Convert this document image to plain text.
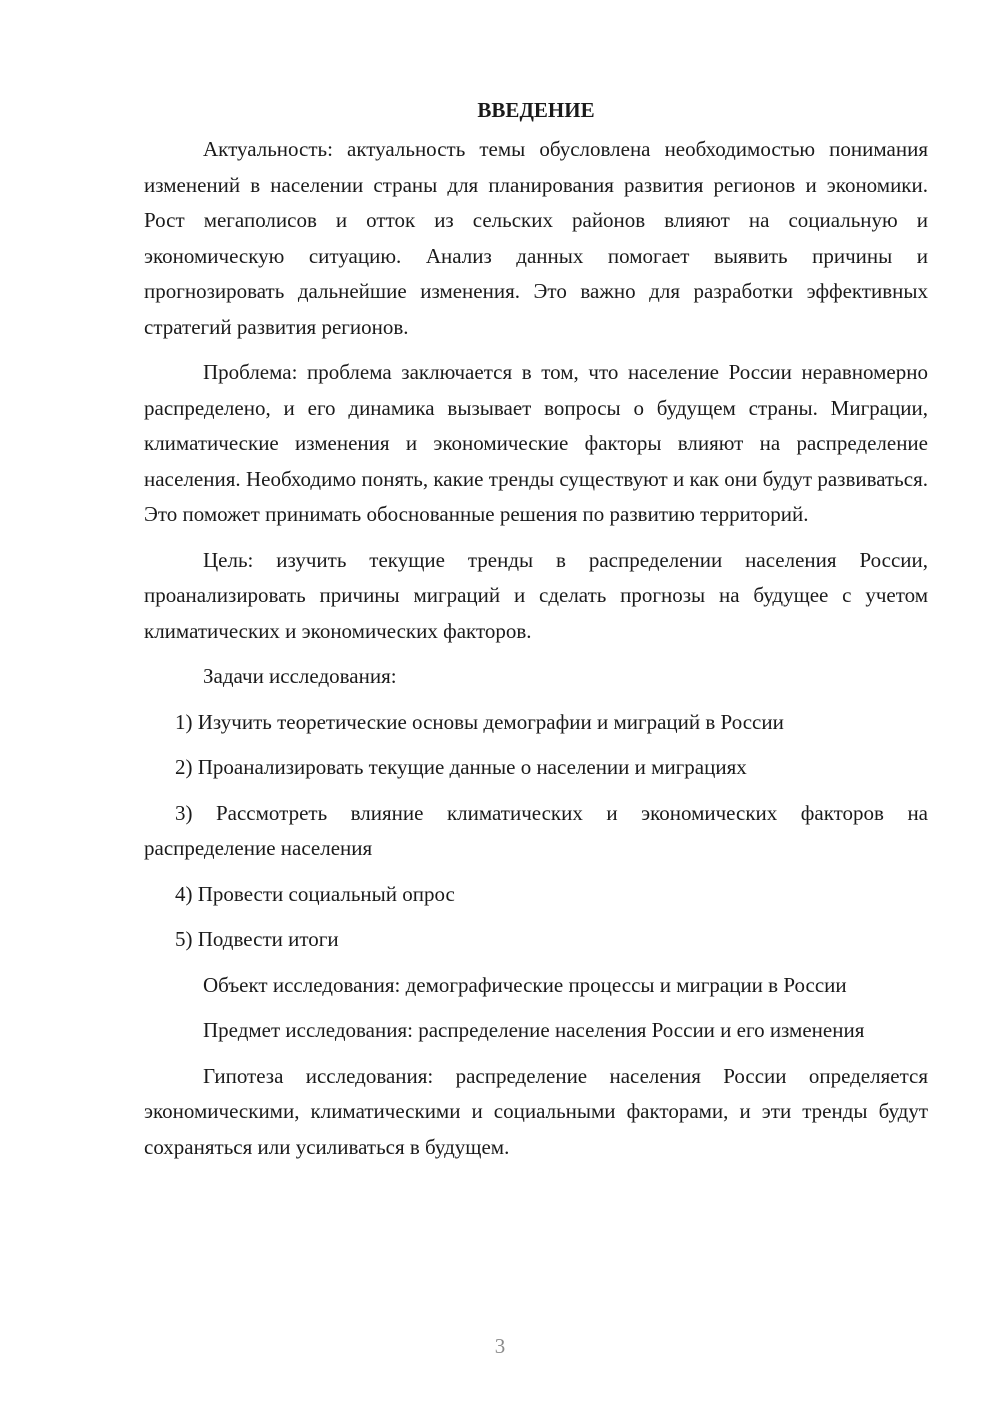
ВВЕДЕНИЕ

Актуальность: актуальность темы обусловлена необходимостью понимания изменений в населении страны для планирования развития регионов и экономики. Рост мегаполисов и отток из сельских районов влияют на социальную и экономическую ситуацию. Анализ данных помогает выявить причины и прогнозировать дальнейшие изменения. Это важно для разработки эффективных стратегий развития регионов.

Проблема: проблема заключается в том, что население России неравномерно распределено, и его динамика вызывает вопросы о будущем страны. Миграции, климатические изменения и экономические факторы влияют на распределение населения. Необходимо понять, какие тренды существуют и как они будут развиваться. Это поможет принимать обоснованные решения по развитию территорий.

Цель: изучить текущие тренды в распределении населения России, проанализировать причины миграций и сделать прогнозы на будущее с учетом климатических и экономических факторов.

Задачи исследования:

1) Изучить теоретические основы демографии и миграций в России

2) Проанализировать текущие данные о населении и миграциях

3) Рассмотреть влияние климатических и экономических факторов на распределение населения

4) Провести социальный опрос

5) Подвести итоги

Объект исследования: демографические процессы и миграции в России

Предмет исследования: распределение населения России и его изменения

Гипотеза исследования: распределение населения России определяется экономическими, климатическими и социальными факторами, и эти тренды будут сохраняться или усиливаться в будущем.

3
